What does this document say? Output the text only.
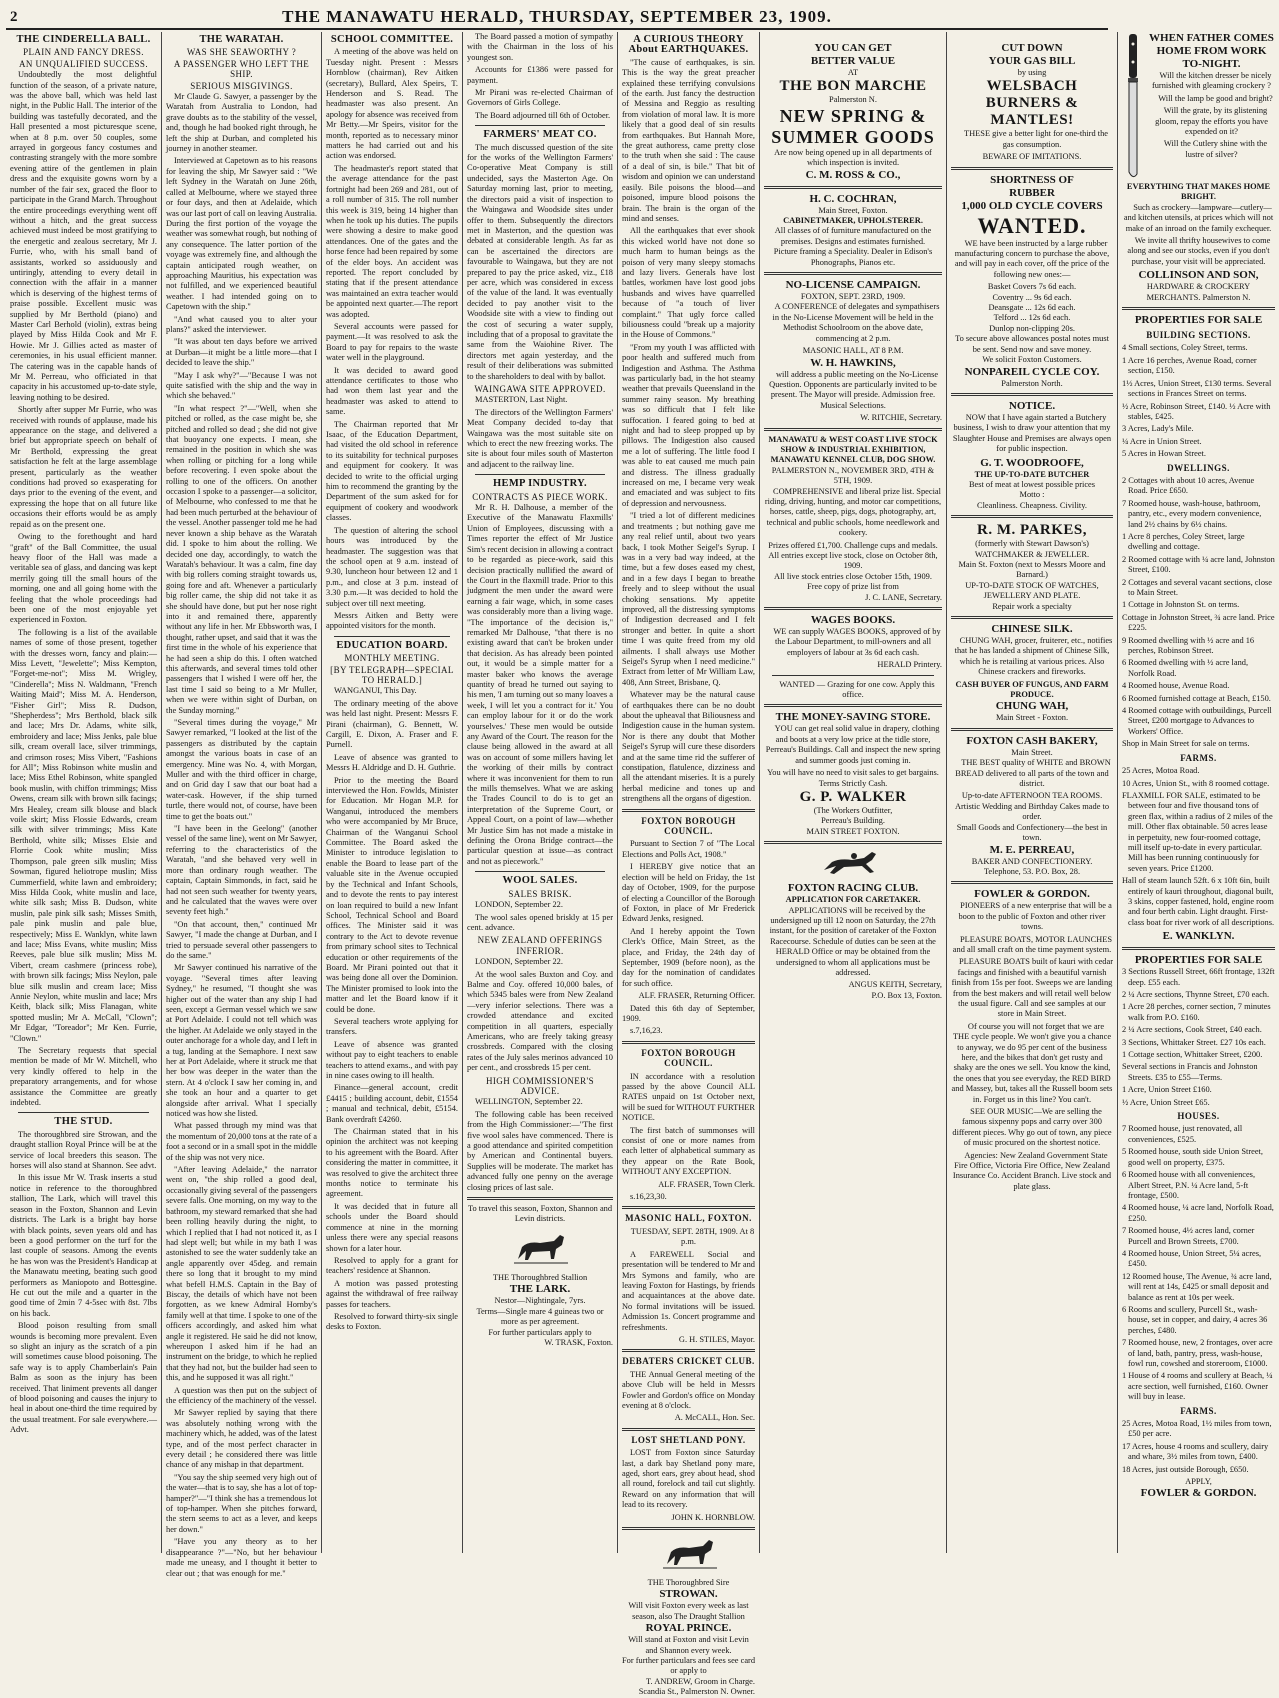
2	THE MANAWATU HERALD, THURSDAY, SEPTEMBER 23, 1909.
THE CINDERELLA BALL.
PLAIN AND FANCY DRESS.
AN UNQUALIFIED SUCCESS.

Undoubtedly the most delightful function of the season, of a private nature, was the above ball, which was held last night, in the Public Hall. The interior of the building was tastefully decorated, and the Hall presented a most picturesque scene, when at 8 p.m. over 50 couples, some arrayed in gorgeous fancy costumes and contrasting strangely with the more sombre evening attire of the gentlemen in plain dress and the exquisite gowns worn by a number of the fair sex, graced the floor to participate in the Grand March. Throughout the entire proceedings everything went off without a hitch, and the great success achieved must indeed be most gratifying to the energetic and zealous secretary, Mr J. Furrie, who, with his small band of assistants, worked so assiduously and untiringly, attending to every detail in connection with the affair in a manner which is deserving of the highest terms of praise possible. Excellent music was supplied by Mr Berthold (piano) and Master Carl Berhold (violin), extras being played by Miss Hilda Cook and Mr F. Howie. Mr J. Gillies acted as master of ceremonies, in his usual efficient manner. The catering was in the capable hands of Mr M. Perreau, who officiated in that capacity in his accustomed up-to-date style, leaving nothing to be desired.

Shortly after supper Mr Furrie, who was received with rounds of applause, made his appearance on the stage, and delivered a brief but appropriate speech on behalf of Mr Berthold, expressing the great satisfaction he felt at the large assemblage present, particularly as the weather conditions had proved so exasperating for days prior to the evening of the event, and expressing the hope that on all future like occasions their efforts would be as amply repaid as on the present one.

Owing to the forethought and hard "graft" of the Ball Committee, the usual heavy floor of the Hall was made a veritable sea of glass, and dancing was kept merrily going till the small hours of the morning, one and all going home with the feeling that the whole proceedings had been one of the most enjoyable yet experienced in Foxton.

The following is a list of the available names of some of those present, together with the dresses worn, fancy and plain:—Miss Levett, "Jewelette"; Miss Kempton, "Forget-me-not"; Miss M. Wrigley, "Cinderella"; Miss N. Waldmann, "French Waiting Maid"; Miss M. A. Henderson, "Fisher Girl"; Miss R. Dudson, "Shepherdess"; Mrs Berthold, black silk and lace; Mrs Dr. Adams, white silk, embroidery and lace; Miss Jenks, pale blue silk, cream overall lace, silver trimmings, and crimson roses; Miss Vibert, "Fashions for All"; Miss Robinson white muslin and lace; Miss Ethel Robinson, white spangled book muslin, with chiffon trimmings; Miss Owens, cream silk with brown silk facings; Mrs Healey, cream silk blouse and black voile skirt; Miss Flossie Edwards, cream silk with silver trimmings; Miss Kate Berthold, white silk; Misses Elsie and Florrie Cook white muslin; Miss Thompson, pale green silk muslin; Miss Sowman, figured heliotrope muslin; Miss Cummerfield, white lawn and embroidery; Miss Hilda Cook, white muslin and lace, white silk sash; Miss B. Dudson, white muslin, pale pink silk sash; Misses Smith, pale pink muslin and pale blue, respectively; Miss E. Wanklyn, white lawn and lace; Miss Evans, white muslin; Miss Reeves, pale blue silk muslin; Miss M. Vibert, cream cashmere (princess robe), with brown silk facings; Miss Neylon, pale blue silk muslin and cream lace; Miss Annie Neylon, white muslin and lace; Mrs Keith, black silk; Miss Flanagan, white spotted muslin; Mr A. McCall, "Clown"; Mr Edgar, "Toreador"; Mr Ken. Furrie, "Clown."

The Secretary requests that special mention be made of Mr W. Mitchell, who very kindly offered to help in the preparatory arrangements, and for whose assistance the Committee are greatly indebted.

THE STUD.

The thoroughbred sire Strowan, and the draught stallion Royal Prince will be at the service of local breeders this season. The horses will also stand at Shannon. See advt.

In this issue Mr W. Trask inserts a stud notice in reference to the thoroughbred stallion, The Lark, which will travel this season in the Foxton, Shannon and Levin districts. The Lark is a bright bay horse with black points, seven years old and has been a good performer on the turf for the last couple of seasons. Among the events he has won was the President's Handicap at the Manawatu meeting, beating such good performers as Maniopoto and Bottesgine. He cut out the mile and a quarter in the good time of 2min 7 4-5sec with 8st. 7lbs on his back.

Blood poison resulting from small wounds is becoming more prevalent. Even so slight an injury as the scratch of a pin will sometimes cause blood poisoning. The safe way is to apply Chamberlain's Pain Balm as soon as the injury has been received. That liniment prevents all danger of blood poisoning and causes the injury to heal in about one-third the time required by the usual treatment. For sale everywhere.—Advt.

THE WARATAH.
WAS SHE SEAWORTHY ?
A PASSENGER WHO LEFT THE SHIP.
SERIOUS MISGIVINGS.

Mr Claude G. Sawyer, a passenger by the Waratah from Australia to London, had grave doubts as to the stability of the vessel, and, though he had booked right through, he left the ship at Durban, and completed his journey in another steamer.

Interviewed at Capetown as to his reasons for leaving the ship, Mr Sawyer said : "We left Sydney in the Waratah on June 26th, called at Melbourne, where we stayed three or four days, and then at Adelaide, which was our last port of call on leaving Australia. During the first portion of the voyage the weather was somewhat rough, but nothing of any consequence. The latter portion of the voyage was extremely fine, and although the captain anticipated rough weather, on approaching Mauritius, his expectation was not fulfilled, and we experienced beautiful weather. I had intended going on to Capetown with the ship."

"And what caused you to alter your plans?" asked the interviewer.

"It was about ten days before we arrived at Durban—it might be a little more—that I decided to leave the ship."

"May I ask why?"—"Because I was not quite satisfied with the ship and the way in which she behaved."

"In what respect ?"—"Well, when she pitched or rolled, as the case might be, she pitched and rolled so dead ; she did not give that buoyancy one expects. I mean, she remained in the position in which she was when rolling or pitching for a long while before recovering. I even spoke about the rolling to one of the officers. On another occasion I spoke to a passenger—a solicitor, of Melbourne, who confessed to me that he had been much perturbed at the behaviour of the vessel. Another passenger told me he had never known a ship behave as the Waratah did. I spoke to him about the rolling. We decided one day, accordingly, to watch the Waratah's behaviour. It was a calm, fine day with big rollers coming straight towards us, going fore and aft. Whenever a particularly big roller came, the ship did not take it as she should have done, but put her nose right into it and remained there, apparently without any life in her. Mr Ebbsworth was, I thought, rather upset, and said that it was the first time in the whole of his experience that he had seen a ship do this. I often watched this afterwards, and several times told other passengers that I wished I were off her, the last time I said so being to a Mr Muller, when we were within sight of Durban, on the Sunday morning."

"Several times during the voyage," Mr Sawyer remarked, "I looked at the list of the passengers as distributed by the captain amongst the various boats in case of an emergency. Mine was No. 4, with Morgan, Muller and with the third officer in charge, and on Grid day I saw that our boat had a water-cask. However, if the ship turned turtle, there would not, of course, have been time to get the boats out."

"I have been in the Geelong" (another vessel of the same line), went on Mr Sawyer, referring to the characteristics of the Waratah, "and she behaved very well in more than ordinary rough weather. The captain, Captain Simmonds, in fact, said he had not seen such weather for twenty years, and he calculated that the waves were over seventy feet high."

"On that account, then," continued Mr Sawyer, "I made the change at Durban, and I tried to persuade several other passengers to do the same."

Mr Sawyer continued his narrative of the voyage. "Several times after leaving Sydney," he resumed, "I thought she was higher out of the water than any ship I had seen, except a German vessel which we saw at Port Adelaide. I could not tell which was the higher. At Adelaide we only stayed in the outer anchorage for a whole day, and I left in a tug, landing at the Semaphore. I next saw her at Port Adelaide, where it struck me that her bow was deeper in the water than the stern. At 4 o'clock I saw her coming in, and she took an hour and a quarter to get alongside after arrival. What I specially noticed was how she listed.

What passed through my mind was that the momentum of 20,000 tons at the rate of a foot a second or in a small spot in the middle of the ship was not very nice.

"After leaving Adelaide," the narrator went on, "the ship rolled a good deal, occasionally giving several of the passengers severe falls. One morning, on my way to the bathroom, my steward remarked that she had been rolling heavily during the night, to which I replied that I had not noticed it, as I had slept well; but while in my bath I was astonished to see the water suddenly take an angle apparently over 45deg. and remain there so long that it brought to my mind what befell H.M.S. Captain in the Bay of Biscay, the details of which have not been forgotten, as we knew Admiral Hornby's family well at that time. I spoke to one of the officers accordingly, and asked him what angle it registered. He said he did not know, whereupon I asked him if he had an instrument on the bridge, to which he replied that they had not, but the builder had seen to this, and he supposed it was all right."

A question was then put on the subject of the efficiency of the machinery of the vessel.

Mr Sawyer replied by saying that there was absolutely nothing wrong with the machinery which, he added, was of the latest type, and of the most perfect character in every detail ; he considered there was little chance of any mishap in that department.

"You say the ship seemed very high out of the water—that is to say, she has a lot of top-hamper?"—"I think she has a tremendous lot of top-hamper. When she pitches forward, the stern seems to act as a lever, and keeps her down."

"Have you any theory as to her disappearance ?"—"No, but her behaviour made me uneasy, and I thought it better to clear out ; that was enough for me."

SCHOOL COMMITTEE.

A meeting of the above was held on Tuesday night. Present : Messrs Hornblow (chairman), Rev Aitken (secretary), Bullard, Alex Speirs, T. Henderson and S. Read. The headmaster was also present. An apology for absence was received from Mr Betty.—Mr Speirs, visitor for the month, reported as to necessary minor matters he had carried out and his action was endorsed.

The headmaster's report stated that the average attendance for the past fortnight had been 269 and 281, out of a roll number of 315. The roll number this week is 319, being 14 higher than when he took up his duties. The pupils were showing a desire to make good attendances. One of the gates and the horse fence had been repaired by some of the elder boys. An accident was reported. The report concluded by stating that if the present attendance was maintained an extra teacher would be appointed next quarter.—The report was adopted.

Several accounts were passed for payment.—It was resolved to ask the Board to pay for repairs to the waste water well in the playground.

It was decided to award good attendance certificates to those who had won them last year and the headmaster was asked to attend to same.

The Chairman reported that Mr Isaac, of the Education Department, had visited the old school in reference to its suitability for technical purposes and equipment for cookery. It was decided to write to the official urging him to recommend the granting by the Department of the sum asked for for equipment of cookery and woodwork classes.

The question of altering the school hours was introduced by the headmaster. The suggestion was that the school open at 9 a.m. instead of 9.30, luncheon hour between 12 and 1 p.m., and close at 3 p.m. instead of 3.30 p.m.—It was decided to hold the subject over till next meeting.

Messrs Aitken and Betty were appointed visitors for the month.

EDUCATION BOARD.
MONTHLY MEETING.
[BY TELEGRAPH—SPECIAL TO HERALD.]

WANGANUI, This Day.

The ordinary meeting of the above was held last night. Present: Messrs F. Pirani (chairman), G. Bennett, W. Cargill, E. Dixon, A. Fraser and F. Purnell.

Leave of absence was granted to Messrs H. Aldridge and D. H. Guthrie.

Prior to the meeting the Board interviewed the Hon. Fowlds, Minister for Education. Mr Hogan M.P. for Wanganui, introduced the members who were accompanied by Mr Bruce, Chairman of the Wanganui School Committee. The Board asked the Minister to introduce legislation to enable the Board to lease part of the valuable site in the Avenue occupied by the Technical and Infant Schools, and to devote the rents to pay interest on loan required to build a new Infant School, Technical School and Board offices. The Minister said it was contrary to the Act to devote revenue from primary school sites to Technical education or other requirements of the Board. Mr Pirani pointed out that it was being done all over the Dominion. The Minister promised to look into the matter and let the Board know if it could be done.

Several teachers wrote applying for transfers.

Leave of absence was granted without pay to eight teachers to enable teachers to attend exams., and with pay in nine cases owing to ill health.

Finance—general account, credit £4415 ; building account, debit, £1554 ; manual and technical, debit, £5154. Bank overdraft £4260.

The Chairman stated that in his opinion the architect was not keeping to his agreement with the Board. After considering the matter in committee, it was resolved to give the architect three months notice to terminate his agreement.

It was decided that in future all schools under the Board should commence at nine in the morning unless there were any special reasons shown for a later hour.

Resolved to apply for a grant for teachers' residence at Shannon.

A motion was passed protesting against the withdrawal of free railway passes for teachers.

Resolved to forward thirty-six single desks to Foxton.

The Board passed a motion of sympathy with the Chairman in the loss of his youngest son.

Accounts for £1386 were passed for payment.

Mr Pirani was re-elected Chairman of Governors of Girls College.

The Board adjourned till 6th of October.

FARMERS' MEAT CO.

The much discussed question of the site for the works of the Wellington Farmers' Co-operative Meat Company is still undecided, says the Masterton Age. On Saturday morning last, prior to meeting, the directors paid a visit of inspection to the Waingawa and Woodside sites under offer to them. Subsequently the directors met in Masterton, and the question was debated at considerable length. As far as can be ascertained the directors are favourable to Waingawa, but they are not prepared to pay the price asked, viz., £18 per acre, which was considered in excess of the value of the land. It was eventually decided to pay another visit to the Woodside site with a view to finding out the cost of securing a water supply, including that of a proposal to gravitate the same from the Waiohine River. The directors met again yesterday, and the result of their deliberations was submitted to the shareholders to deal with by ballot.

WAINGAWA SITE APPROVED.

MASTERTON, Last Night.

The directors of the Wellington Farmers' Meat Company decided to-day that Waingawa was the most suitable site on which to erect the new freezing works. The site is about four miles south of Masterton and adjacent to the railway line.

HEMP INDUSTRY.
CONTRACTS AS PIECE WORK.

Mr R. H. Dalhouse, a member of the Executive of the Manawatu Flaxmills' Union of Employees, discussing with a Times reporter the effect of Mr Justice Sim's recent decision in allowing a contract to be regarded as piece-work, said this decision practically nullified the award of the Court in the flaxmill trade. Prior to this judgment the men under the award were earning a fair wage, which, in some cases was considerably more than a living wage. "The importance of the decision is," remarked Mr Dalhouse, "that there is no existing award that can't be broken under that decision. As has already been pointed out, it would be a simple matter for a master baker who knows the average quantity of bread he turned out saying to his men, 'I am turning out so many loaves a week, I will let you a contract for it.' You can employ labour for it or do the work yourselves.' These men would be outside any Award of the Court. The reason for the clause being allowed in the award at all was on account of some millers having let the working of their mills by contract where it was inconvenient for them to run the mills themselves. What we are asking the Trades Council to do is to get an interpretation of the Supreme Court, or Appeal Court, on a point of law—whether Mr Justice Sim has not made a mistake in defining the Orona Bridge contract—the particular question at issue—as contract and not as piecework."

WOOL SALES.
SALES BRISK.

LONDON, September 22.

The wool sales opened briskly at 15 per cent. advance.

NEW ZEALAND OFFERINGS INFERIOR.

LONDON, September 22.

At the wool sales Buxton and Coy. and Balme and Coy. offered 10,000 bales, of which 5345 bales were from New Zealand—very inferior selections. There was a crowded attendance and excited competition in all quarters, especially Americans, who are freely taking greasy crossbreds. Compared with the closing rates of the July sales merinos advanced 10 per cent., and crossbreds 15 per cent.

HIGH COMMISSIONER'S ADVICE.

WELLINGTON, September 22.

The following cable has been received from the High Commissioner:—"The first five wool sales have commenced. There is a good attendance and spirited competition by American and Continental buyers. Supplies will be moderate. The market has advanced fully one penny on the average closing prices of last sale.

To travel this season, Foxton, Shannon and Levin districts.
THE Thoroughbred Stallion
THE LARK.
Nestor—Nightingale, 7yrs.
Terms—Single mare 4 guineas two or more as per agreement.
For further particulars apply to
W. TRASK, Foxton.
A CURIOUS THEORY About EARTHQUAKES.

"The cause of earthquakes, is sin. This is the way the great preacher explained these terrifying convulsions of the earth. Just fancy the destruction of Messina and Reggio as resulting from violation of moral law. It is more likely that a good deal of sin results from earthquakes. But Hannah More, the great authoress, came pretty close to the truth when she said : The cause of a deal of sin, is bile." That bit of wisdom and opinion we can understand easily. Bile poisons the blood—and poisoned, impure blood poisons the brain. The brain is the organ of the mind and senses.

All the earthquakes that ever shook this wicked world have not done so much harm to human beings as the poison of very many sleepy stomachs and lazy livers. Generals have lost battles, workmen have lost good jobs husbands and wives have quarrelled because of "a touch of liver complaint." That ugly force called biliousness could "break up a majority in the House of Commons."

"From my youth I was afflicted with poor health and suffered much from Indigestion and Asthma. The Asthma was particularly bad, in the hot steamy weather that prevails Queensland in the summer rainy season. My breathing was so difficult that I felt like suffocation. I feared going to bed at night and had to sleep propped up by pillows. The Indigestion also caused me a lot of suffering. The little food I was able to eat caused me much pain and distress. The illness gradually increased on me, I became very weak and emaciated and was subject to fits of depression and nervousness.

"I tried a lot of different medicines and treatments ; but nothing gave me any real relief until, about two years back, I took Mother Seigel's Syrup. I was in a very bad way indeed, at the time, but a few doses eased my chest, and in a few days I began to breathe freely and to sleep without the usual choking sensations. My appetite improved, all the distressing symptoms of Indigestion decreased and I felt stronger and better. In quite a short time I was quite freed from my old ailments. I shall always use Mother Seigel's Syrup when I need medicine." Extract from letter of Mr William Law, 408, Ann Street, Brisbane, Q.

Whatever may be the natural cause of earthquakes there can be no doubt about the upheaval that Biliousness and Indigestion cause in the human system. Nor is there any doubt that Mother Seigel's Syrup will cure these disorders and at the same time rid the sufferer of constipation, flatulence, dizziness and all the attendant miseries. It is a purely herbal medicine and tones up and strengthens all the organs of digestion.

FOXTON BOROUGH COUNCIL.

Pursuant to Section 7 of "The Local Elections and Polls Act, 1908."

I HEREBY give notice that an election will be held on Friday, the 1st day of October, 1909, for the purpose of electing a Councillor of the Borough of Foxton, in place of Mr Frederick Edward Jenks, resigned.

And I hereby appoint the Town Clerk's Office, Main Street, as the place, and Friday, the 24th day of September, 1909 (before noon), as the day for the nomination of candidates for such office.

ALF. FRASER, Returning Officer.

Dated this 6th day of September, 1909.

s.7,16,23.

FOXTON BOROUGH COUNCIL.

IN accordance with a resolution passed by the above Council ALL RATES unpaid on 1st October next, will be sued for WITHOUT FURTHER NOTICE.

The first batch of summonses will consist of one or more names from each letter of alphabetical summary as they appear on the Rate Book, WITHOUT ANY EXCEPTION.

ALF. FRASER, Town Clerk.

s.16,23,30.

MASONIC HALL, FOXTON.

TUESDAY, SEPT. 28TH, 1909. At 8 p.m.

A FAREWELL Social and presentation will be tendered to Mr and Mrs Symons and family, who are leaving Foxton for Hastings, by friends and acquaintances at the above date. No formal invitations will be issued. Admission 1s. Concert programme and refreshments.

G. H. STILES, Mayor.

DEBATERS CRICKET CLUB.

THE Annual General meeting of the above Club will be held in Messrs Fowler and Gordon's office on Monday evening at 8 o'clock.

A. McCALL, Hon. Sec.

LOST SHETLAND PONY.

LOST from Foxton since Saturday last, a dark bay Shetland pony mare, aged, short ears, grey about head, shod all round, forelock and tail cut slightly. Reward on any information that will lead to its recovery.

JOHN K. HORNBLOW.

THE Thoroughbred Sire
STROWAN.
Will visit Foxton every week as last season, also The Draught Stallion
ROYAL PRINCE.
Will stand at Foxton and visit Levin and Shannon every week.
For further particulars and fees see card or apply to
T. ANDREW, Groom in Charge.
Scandia St., Palmerston N. Owner.
YOU CAN GET
BETTER VALUE
AT
THE BON MARCHE
Palmerston N.
NEW SPRING & SUMMER GOODS
Are now being opened up in all departments of which inspection is invited.
C. M. ROSS & CO.,
H. C. COCHRAN,
Main Street, Foxton.
CABINETMAKER, UPHOLSTERER.
All classes of of furniture manufactured on the premises. Designs and estimates furnished.
Picture framing a Speciality. Dealer in Edison's Phonographs, Pianos etc.
NO-LICENSE CAMPAIGN.
FOXTON, SEPT. 23RD, 1909.

A CONFERENCE of delegates and sympathisers in the No-License Movement will be held in the Methodist Schoolroom on the above date, commencing at 2 p.m.

MASONIC HALL, AT 8 P.M.
W. H. HAWKINS,

will address a public meeting on the No-License Question. Opponents are particularly invited to be present. The Mayor will preside. Admission free. Musical Selections.

W. RITCHIE, Secretary.
MANAWATU & WEST COAST LIVE STOCK SHOW & INDUSTRIAL EXHIBITION,
MANAWATU KENNEL CLUB, DOG SHOW.
PALMERSTON N., NOVEMBER 3RD, 4TH & 5TH, 1909.

COMPREHENSIVE and liberal prize list. Special riding, driving, hunting, and motor car competitions, horses, cattle, sheep, pigs, dogs, photography, art, technical and public schools, home needlework and cookery.

Prizes offered £1,700. Challenge cups and medals.
All entries except live stock, close on October 8th, 1909.
All live stock entries close October 15th, 1909.
Free copy of prize list from
J. C. LANE, Secretary.
WAGES BOOKS.

WE can supply WAGES BOOKS, approved of by the Labour Department, to mill-owners and all employers of labour at 3s 6d each cash.

HERALD Printery.

WANTED — Grazing for one cow. Apply this office.

THE MONEY-SAVING STORE.

YOU can get real solid value in drapery, clothing and boots at a very low price at the tidle store, Perreau's Buildings. Call and inspect the new spring and summer goods just coming in.

You will have no need to visit sales to get bargains.
Terms Strictly Cash.
G. P. WALKER
(The Workers Outfitter,
Perreau's Building.
MAIN STREET FOXTON.
FOXTON RACING CLUB.
APPLICATION FOR CARETAKER.

APPLICATIONS will be received by the undersigned up till 12 noon on Saturday, the 27th instant, for the position of caretaker of the Foxton Racecourse. Schedule of duties can be seen at the HERALD Office or may be obtained from the undersigned to whom all applications must be addressed.

ANGUS KEITH, Secretary,
P.O. Box 13, Foxton.
CUT DOWN
YOUR GAS BILL
by using
WELSBACH BURNERS & MANTLES!

THESE give a better light for one-third the gas consumption.

BEWARE OF IMITATIONS.
SHORTNESS OF
RUBBER
1,000 OLD CYCLE COVERS
WANTED.

WE have been instructed by a large rubber manufacturing concern to purchase the above, and will pay in each cover, off the price of the following new ones:—

Basket Covers 7s 6d each.
Coventry ... 9s 6d each.
Deansgate ... 12s 6d each.
Telford ... 12s 6d each.
Dunlop non-clipping 20s.
To secure above allowances postal notes must be sent. Send now and save money.
We solicit Foxton Customers.
NONPAREIL CYCLE COY.
Palmerston North.
NOTICE.

NOW that I have again started a Butchery business, I wish to draw your attention that my Slaughter House and Premises are always open for public inspection.

G. T. WOODROOFE,
THE UP-TO-DATE BUTCHER
Best of meat at lowest possible prices
Motto :
Cleanliness. Cheapness. Civility.
R. M. PARKES,
(formerly with Stewart Dawson's) WATCHMAKER & JEWELLER.
Main St. Foxton (next to Messrs Moore and Barnard.)
UP-TO-DATE STOCK OF WATCHES, JEWELLERY AND PLATE.
Repair work a specialty
CHINESE SILK.

CHUNG WAH, grocer, fruiterer, etc., notifies that he has landed a shipment of Chinese Silk, which he is retailing at various prices. Also Chinese crackers and fireworks.

CASH BUYER OF FUNGUS, AND FARM PRODUCE.
CHUNG WAH,
Main Street - Foxton.
FOXTON CASH BAKERY,
Main Street.

THE BEST quality of WHITE and BROWN BREAD delivered to all parts of the town and district.

Up-to-date AFTERNOON TEA ROOMS.
Artistic Wedding and Birthday Cakes made to order.
Small Goods and Confectionery—the best in town.
M. E. PERREAU,
BAKER AND CONFECTIONERY.
Telephone, 53. P.O. Box, 28.
FOWLER & GORDON.

PIONEERS of a new enterprise that will be a boon to the public of Foxton and other river towns.

PLEASURE BOATS, MOTOR LAUNCHES and all small craft on the time payment system.

PLEASURE BOATS built of kauri with cedar facings and finished with a beautiful varnish finish from 15s per foot. Sweeps we are landing from the best makers and will retail well below the usual figure. Call and see samples at our store in Main Street.

Of course you will not forget that we are THE cycle people. We won't give you a chance to anyway, we do 95 per cent of the business here, and the bikes that don't get rusty and shaky are the ones we sell. You know the kind, the ones that you see everyday, the RED BIRD and Massey, but, takes all the Russell boom sets in. Forget us in this line? You can't.

SEE OUR MUSIC—We are selling the famous sixpenny pops and carry over 300 different pieces. Why go out of town, any piece of music procured on the shortest notice.

Agencies: New Zealand Government State Fire Office, Victoria Fire Office, New Zealand Insurance Co. Accident Branch. Live stock and plate glass.

WHEN FATHER COMES HOME FROM WORK TO-NIGHT.

Will the kitchen dresser be nicely furnished with gleaming crockery ?

Will the lamp be good and bright?

Will the grate, by its glistening gloom, repay the efforts you have expended on it?

Will the Cutlery shine with the lustre of silver?

EVERYTHING THAT MAKES HOME BRIGHT.

Such as crockery—lampware—cutlery—and kitchen utensils, at prices which will not make of an inroad on the family exchequer.

We invite all thrifty housewives to come along and see our stocks, even if you don't purchase, your visit will be appreciated.

COLLINSON AND SON,
HARDWARE & CROCKERY MERCHANTS. Palmerston N.
PROPERTIES FOR SALE
BUILDING SECTIONS.
4 Small sections, Coley Street, terms.
1 Acre 16 perches, Avenue Road, corner section, £150.
1½ Acres, Union Street, £130 terms. Several sections in Frances Street on terms.
½ Acre, Robinson Street, £140. ½ Acre with stables, £425.
3 Acres, Lady's Mile.
¼ Acre in Union Street.
5 Acres in Howan Street.
DWELLINGS.
2 Cottages with about 10 acres, Avenue Road. Price £650.
7 Roomed house, wash-house, bathroom, pantry, etc., every modern convenience, land 2½ chains by 6½ chains.
1 Acre 8 perches, Coley Street, large dwelling and cottage.
2 Roomed cottage with ¼ acre land, Johnston Street, £100.
2 Cottages and several vacant sections, close to Main Street.
1 Cottage in Johnston St. on terms.
Cottage in Johnston Street, ¾ acre land. Price £225.
9 Roomed dwelling with ½ acre and 16 perches, Robinson Street.
6 Roomed dwelling with ½ acre land, Norfolk Road.
4 Roomed house, Avenue Road.
6 Roomed furnished cottage at Beach, £150.
4 Roomed cottage with outbuildings, Purcell Street, £200 mortgage to Advances to Workers' Office.
Shop in Main Street for sale on terms.
FARMS.
25 Acres, Motoa Road.
10 Acres, Union St., with 8 roomed cottage.
FLAXMILL FOR SALE, estimated to be between four and five thousand tons of green flax, within a radius of 2 miles of the mill. Other flax obtainable. 50 acres lease in perpetuity, new four-roomed cottage, mill itself up-to-date in every particular. Mill has been running continuously for seven years. Price £1200.
Hall of steam launch 52ft. 6 x 10ft 6in, built entirely of kauri throughout, diagonal built, 3 skins, copper fastened, hold, engine room and four berth cabin. Light draught. First-class boat for river work of all descriptions.
E. WANKLYN.
PROPERTIES FOR SALE
3 Sections Russell Street, 66ft frontage, 132ft deep. £55 each.
2 ¼ Acre sections, Thynne Street, £70 each.
1 Acre 28 perches, corner section, 7 minutes walk from P.O. £160.
2 ¼ Acre sections, Cook Street, £40 each.
3 Sections, Whittaker Street. £27 10s each.
1 Cottage section, Whittaker Street, £200.
Several sections in Francis and Johnston Streets. £35 to £55—Terms.
1 Acre, Union Street £160.
½ Acre, Union Street £65.
HOUSES.
7 Roomed house, just renovated, all conveniences, £525.
5 Roomed house, south side Union Street, good well on property, £375.
6 Roomed house with all conveniences, Albert Street, P.N. ¼ Acre land, 5-ft frontage, £500.
4 Roomed house, ¼ acre land, Norfolk Road, £250.
7 Roomed house, 4½ acres land, corner Purcell and Brown Streets, £700.
4 Roomed house, Union Street, 5¼ acres, £450.
12 Roomed house, The Avenue, ¾ acre land, will rent at 14s, £425 or small deposit and balance as rent at 10s per week.
6 Rooms and scullery, Purcell St., wash-house, set in copper, and dairy, 4 acres 36 perches, £480.
7 Roomed house, new, 2 frontages, over acre of land, bath, pantry, press, wash-house, fowl run, cowshed and storeroom, £1000.
1 House of 4 rooms and scullery at Beach, ¼ acre section, well furnished, £160. Owner will buy in lease.
FARMS.
25 Acres, Motoa Road, 1½ miles from town, £50 per acre.
17 Acres, house 4 rooms and scullery, dairy and whare, 3½ miles from town, £400.
18 Acres, just outside Borough, £650.
APPLY,
FOWLER & GORDON.
